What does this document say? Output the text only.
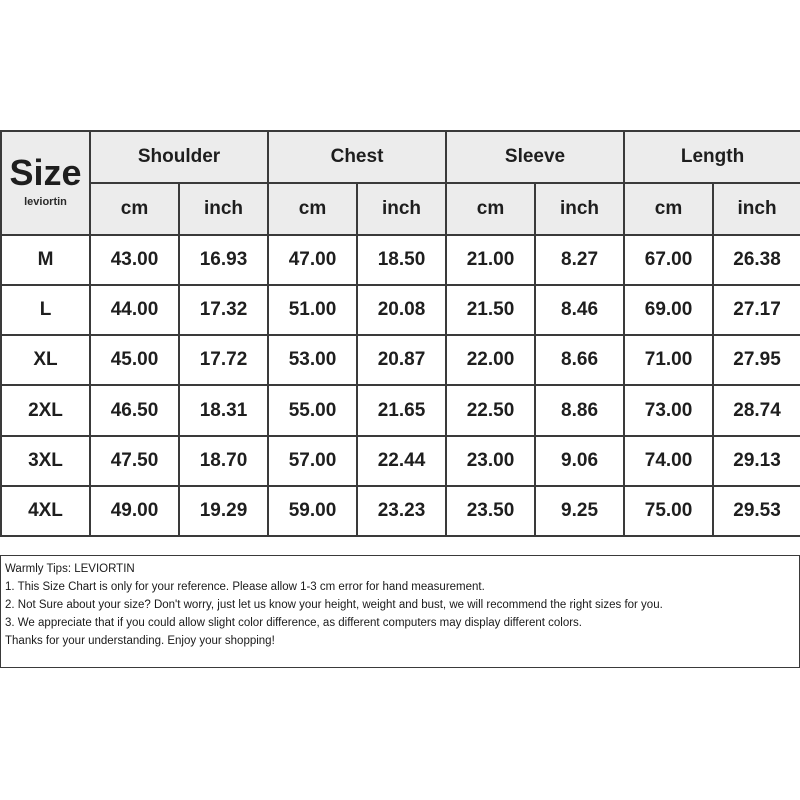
Size
leviortin	Shoulder		Chest		Sleeve		Length	
	cm	inch	cm	inch	cm	inch	cm	inch
M	43.00	16.93	47.00	18.50	21.00	8.27	67.00	26.38
L	44.00	17.32	51.00	20.08	21.50	8.46	69.00	27.17
XL	45.00	17.72	53.00	20.87	22.00	8.66	71.00	27.95
2XL	46.50	18.31	55.00	21.65	22.50	8.86	73.00	28.74
3XL	47.50	18.70	57.00	22.44	23.00	9.06	74.00	29.13
4XL	49.00	19.29	59.00	23.23	23.50	9.25	75.00	29.53

Warmly Tips: LEVIORTIN

1. This Size Chart is only for your reference. Please allow 1-3 cm error for hand measurement.

2. Not Sure about your size? Don't worry, just let us know your height, weight and bust, we will recommend the right sizes for you.

3. We appreciate that if you could allow slight color difference, as different computers may display different colors.

Thanks for your understanding. Enjoy your shopping!
